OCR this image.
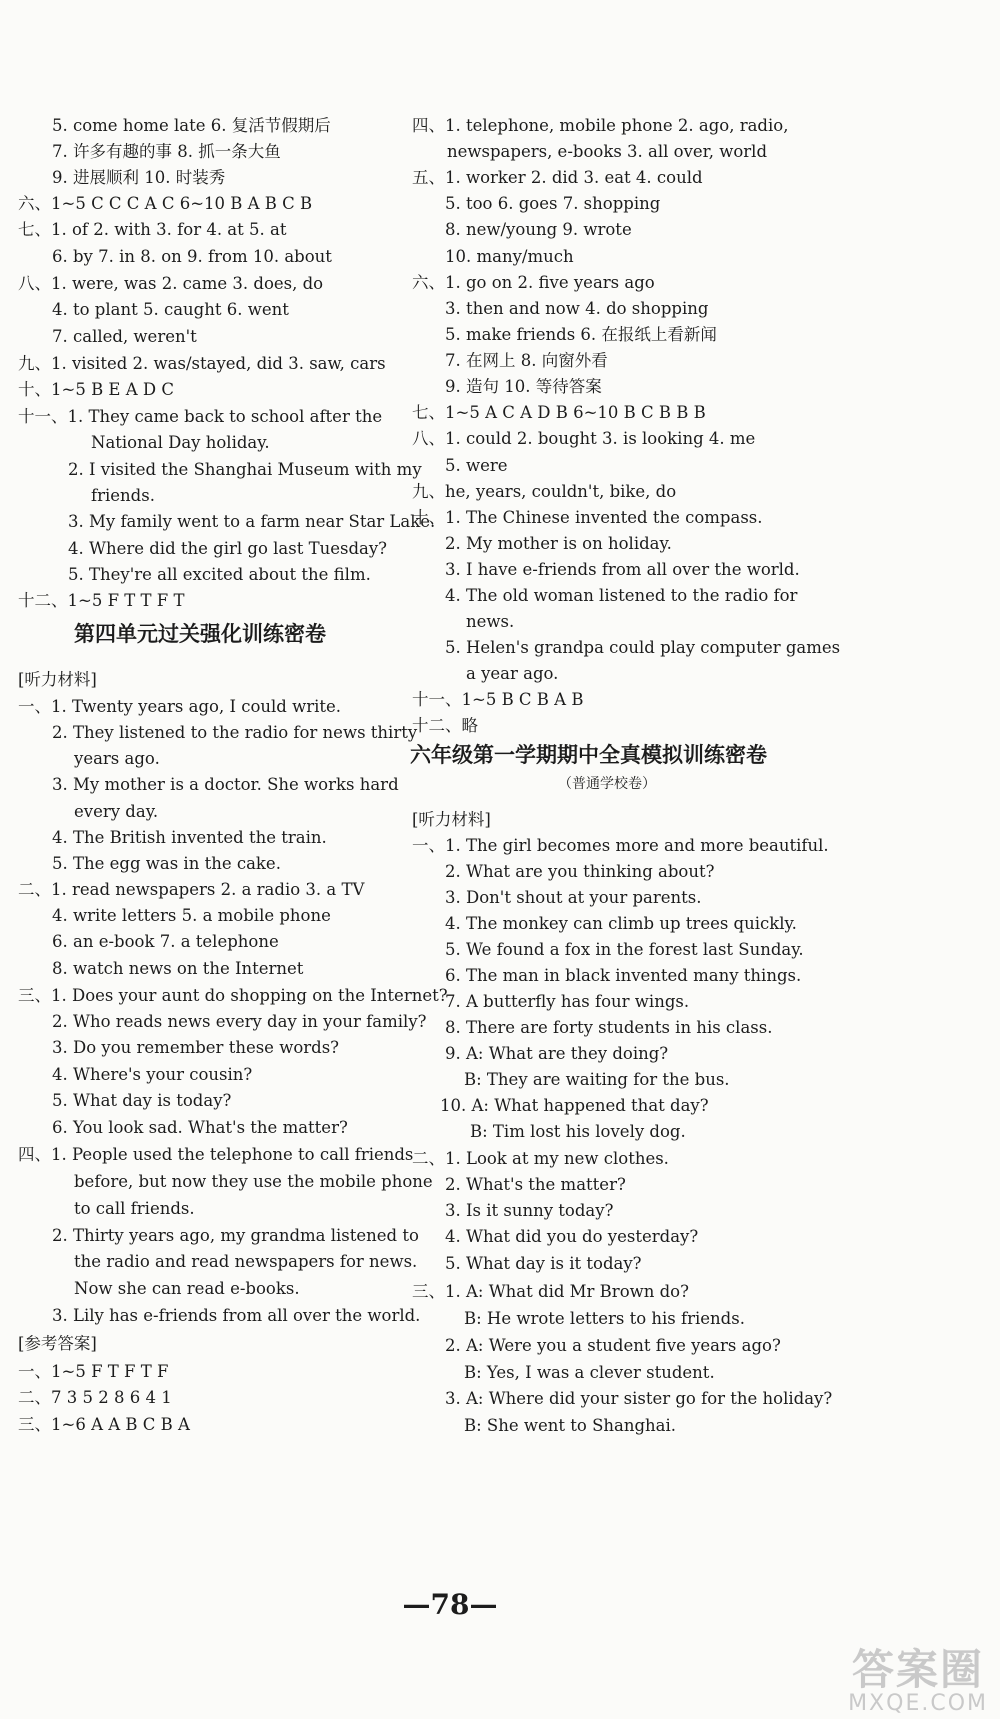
5. come home late 6. 复活节假期后
7. 许多有趣的事 8. 抓一条大鱼
9. 进展顺利 10. 时装秀
六、1~5 C C C A C 6~10 B A B C B
七、1. of 2. with 3. for 4. at 5. at
6. by 7. in 8. on 9. from 10. about
八、1. were, was 2. came 3. does, do
4. to plant 5. caught 6. went
7. called, weren't
九、1. visited 2. was/stayed, did 3. saw, cars
十、1~5 B E A D C
十一、1. They came back to school after the
National Day holiday.
2. I visited the Shanghai Museum with my
friends.
3. My family went to a farm near Star Lake.
4. Where did the girl go last Tuesday?
5. They're all excited about the film.
十二、1~5 F T T F T
第四单元过关强化训练密卷
[听力材料]
一、1. Twenty years ago, I could write.
2. They listened to the radio for news thirty
years ago.
3. My mother is a doctor. She works hard
every day.
4. The British invented the train.
5. The egg was in the cake.
二、1. read newspapers 2. a radio 3. a TV
4. write letters 5. a mobile phone
6. an e-book 7. a telephone
8. watch news on the Internet
三、1. Does your aunt do shopping on the Internet?
2. Who reads news every day in your family?
3. Do you remember these words?
4. Where's your cousin?
5. What day is today?
6. You look sad. What's the matter?
四、1. People used the telephone to call friends
before, but now they use the mobile phone
to call friends.
2. Thirty years ago, my grandma listened to
the radio and read newspapers for news.
Now she can read e-books.
3. Lily has e-friends from all over the world.
[参考答案]
一、1~5 F T F T F
二、7 3 5 2 8 6 4 1
三、1~6 A A B C B A
四、1. telephone, mobile phone 2. ago, radio,
newspapers, e-books 3. all over, world
五、1. worker 2. did 3. eat 4. could
5. too 6. goes 7. shopping
8. new/young 9. wrote
10. many/much
六、1. go on 2. five years ago
3. then and now 4. do shopping
5. make friends 6. 在报纸上看新闻
7. 在网上 8. 向窗外看
9. 造句 10. 等待答案
七、1~5 A C A D B 6~10 B C B B B
八、1. could 2. bought 3. is looking 4. me
5. were
九、he, years, couldn't, bike, do
十、1. The Chinese invented the compass.
2. My mother is on holiday.
3. I have e-friends from all over the world.
4. The old woman listened to the radio for
news.
5. Helen's grandpa could play computer games
a year ago.
十一、1~5 B C B A B
十二、略
六年级第一学期期中全真模拟训练密卷
（普通学校卷）
[听力材料]
一、1. The girl becomes more and more beautiful.
2. What are you thinking about?
3. Don't shout at your parents.
4. The monkey can climb up trees quickly.
5. We found a fox in the forest last Sunday.
6. The man in black invented many things.
7. A butterfly has four wings.
8. There are forty students in his class.
9. A: What are they doing?
B: They are waiting for the bus.
10. A: What happened that day?
B: Tim lost his lovely dog.
二、1. Look at my new clothes.
2. What's the matter?
3. Is it sunny today?
4. What did you do yesterday?
5. What day is it today?
三、1. A: What did Mr Brown do?
B: He wrote letters to his friends.
2. A: Were you a student five years ago?
B: Yes, I was a clever student.
3. A: Where did your sister go for the holiday?
B: She went to Shanghai.
—78—
答案圈
MXQE.COM
